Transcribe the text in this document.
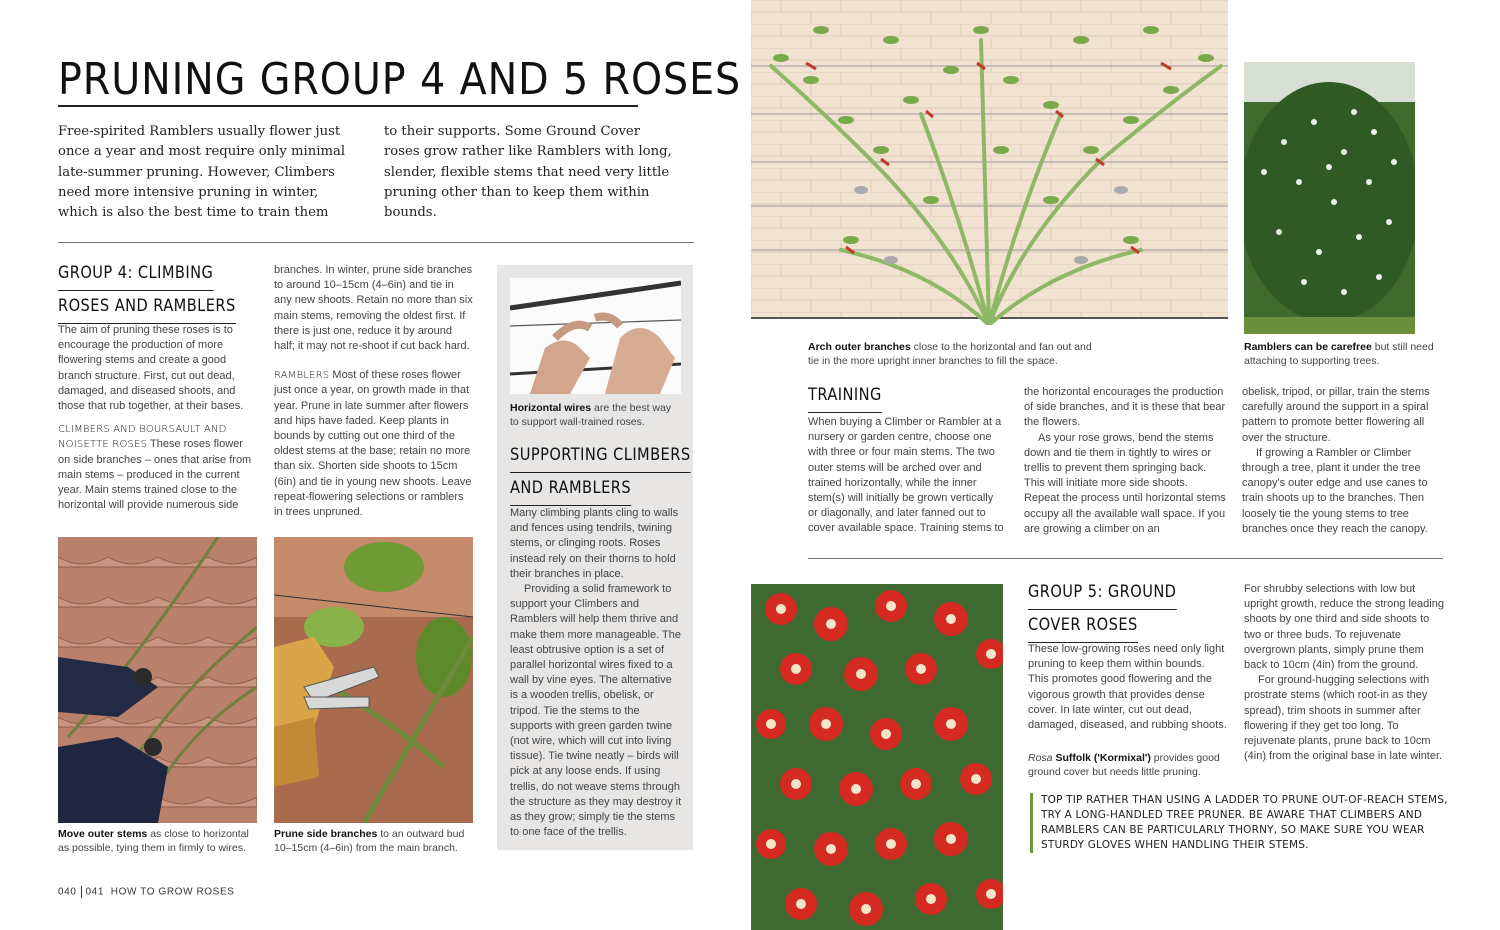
PRUNING GROUP 4 AND 5 ROSES
Free-spirited Ramblers usually flower just once a year and most require only minimal late-summer pruning. However, Climbers need more intensive pruning in winter, which is also the best time to train them
to their supports. Some Ground Cover roses grow rather like Ramblers with long, slender, flexible stems that need very little pruning other than to keep them within bounds.
GROUP 4: CLIMBING
ROSES AND RAMBLERS

The aim of pruning these roses is to encourage the production of more flowering stems and create a good branch structure. First, cut out dead, damaged, and diseased shoots, and those that rub together, at their bases.

CLIMBERS AND BOURSAULT AND NOISETTE ROSES These roses flower on side branches – ones that arise from main stems – produced in the current year. Main stems trained close to the horizontal will provide numerous side

branches. In winter, prune side branches to around 10–15cm (4–6in) and tie in any new shoots. Retain no more than six main stems, removing the oldest first. If there is just one, reduce it by around half; it may not re-shoot if cut back hard.

RAMBLERS Most of these roses flower just once a year, on growth made in that year. Prune in late summer after flowers and hips have faded. Keep plants in bounds by cutting out one third of the oldest stems at the base; retain no more than six. Shorten side shoots to 15cm (6in) and tie in young new shoots. Leave repeat-flowering selections or ramblers in trees unpruned.

Move outer stems as close to horizontal as possible, tying them in firmly to wires.
Prune side branches to an outward bud 10–15cm (4–6in) from the main branch.
Horizontal wires are the best way to support wall-trained roses.
SUPPORTING CLIMBERS
AND RAMBLERS

Many climbing plants cling to walls and fences using tendrils, twining stems, or clinging roots. Roses instead rely on their thorns to hold their branches in place.

Providing a solid framework to support your Climbers and Ramblers will help them thrive and make them more manageable. The least obtrusive option is a set of parallel horizontal wires fixed to a wall by vine eyes. The alternative is a wooden trellis, obelisk, or tripod. Tie the stems to the supports with green garden twine (not wire, which will cut into living tissue). Tie twine neatly – birds will pick at any loose ends. If using trellis, do not weave stems through the structure as they may destroy it as they grow; simply tie the stems to one face of the trellis.

040 041 HOW TO GROW ROSES
Arch outer branches close to the horizontal and fan out and tie in the more upright inner branches to fill the space.
Ramblers can be carefree but still need attaching to supporting trees.
TRAINING

When buying a Climber or Rambler at a nursery or garden centre, choose one with three or four main stems. The two outer stems will be arched over and trained horizontally, while the inner stem(s) will initially be grown vertically or diagonally, and later fanned out to cover available space. Training stems to

the horizontal encourages the production of side branches, and it is these that bear the flowers.

As your rose grows, bend the stems down and tie them in tightly to wires or trellis to prevent them springing back. This will initiate more side shoots. Repeat the process until horizontal stems occupy all the available wall space. If you are growing a climber on an

obelisk, tripod, or pillar, train the stems carefully around the support in a spiral pattern to promote better flowering all over the structure.

If growing a Rambler or Climber through a tree, plant it under the tree canopy's outer edge and use canes to train shoots up to the branches. Then loosely tie the young stems to tree branches once they reach the canopy.

GROUP 5: GROUND
COVER ROSES

These low-growing roses need only light pruning to keep them within bounds. This promotes good flowering and the vigorous growth that provides dense cover. In late winter, cut out dead, damaged, diseased, and rubbing shoots.

Rosa Suffolk ('Kormixal') provides good ground cover but needs little pruning.

For shrubby selections with low but upright growth, reduce the strong leading shoots by one third and side shoots to two or three buds. To rejuvenate overgrown plants, simply prune them back to 10cm (4in) from the ground.

For ground-hugging selections with prostrate stems (which root-in as they spread), trim shoots in summer after flowering if they get too long. To rejuvenate plants, prune back to 10cm (4in) from the original base in late winter.

TOP TIP RATHER THAN USING A LADDER TO PRUNE OUT-OF-REACH STEMS, TRY A LONG-HANDLED TREE PRUNER. BE AWARE THAT CLIMBERS AND RAMBLERS CAN BE PARTICULARLY THORNY, SO MAKE SURE YOU WEAR STURDY GLOVES WHEN HANDLING THEIR STEMS.
